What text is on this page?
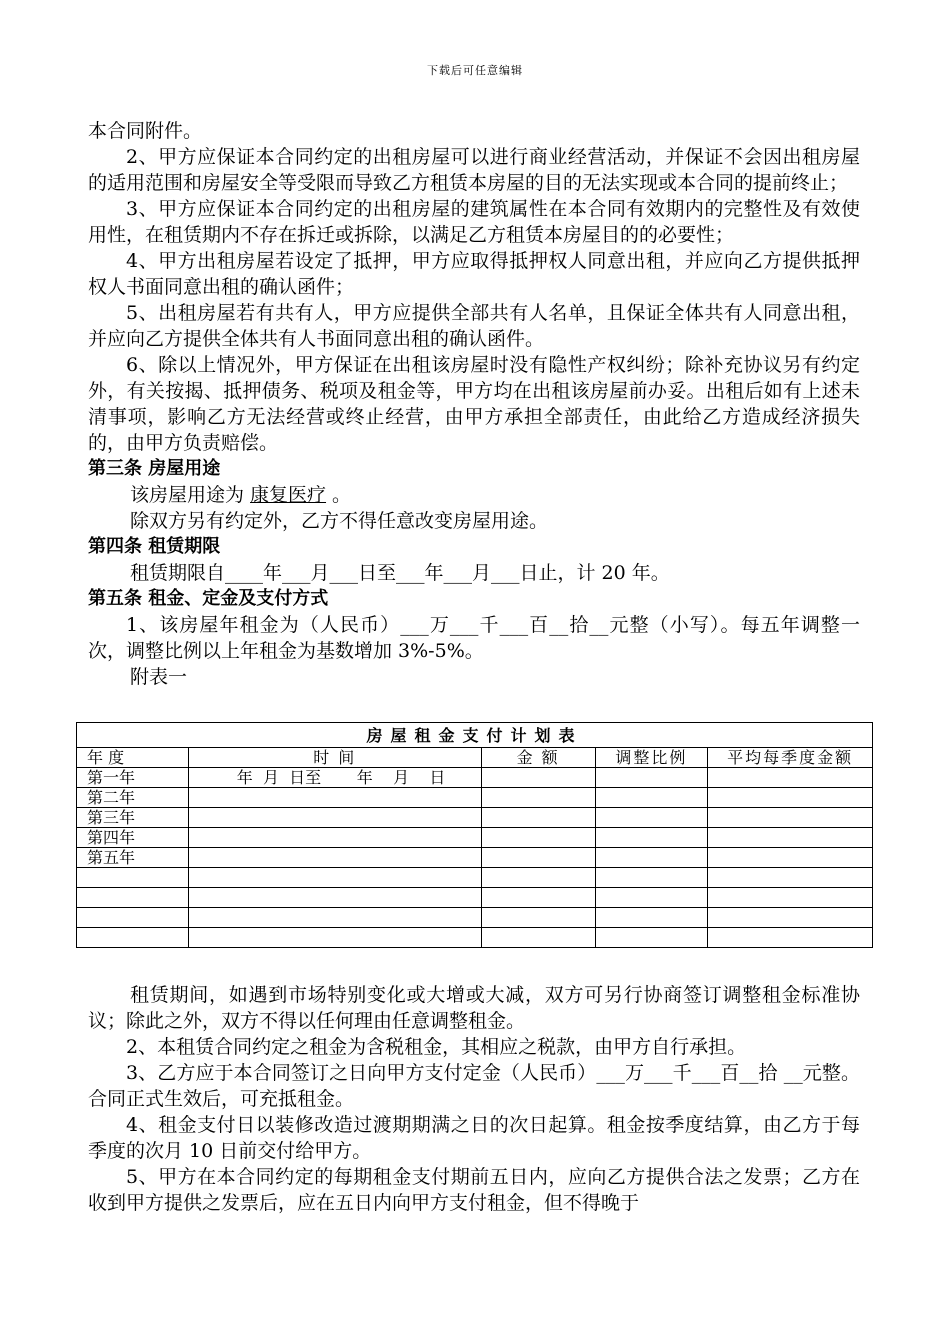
下载后可任意编辑

本合同附件。

2、甲方应保证本合同约定的出租房屋可以进行商业经营活动，并保证不会因出租房屋的适用范围和房屋安全等受限而导致乙方租赁本房屋的目的无法实现或本合同的提前终止；

3、甲方应保证本合同约定的出租房屋的建筑属性在本合同有效期内的完整性及有效使用性，在租赁期内不存在拆迁或拆除，以满足乙方租赁本房屋目的的必要性；

4、甲方出租房屋若设定了抵押，甲方应取得抵押权人同意出租，并应向乙方提供抵押权人书面同意出租的确认函件；

5、出租房屋若有共有人，甲方应提供全部共有人名单，且保证全体共有人同意出租，并应向乙方提供全体共有人书面同意出租的确认函件。

6、除以上情况外，甲方保证在出租该房屋时没有隐性产权纠纷；除补充协议另有约定外，有关按揭、抵押债务、税项及租金等，甲方均在出租该房屋前办妥。出租后如有上述未清事项，影响乙方无法经营或终止经营，由甲方承担全部责任，由此给乙方造成经济损失的，由甲方负责赔偿。

第三条 房屋用途

该房屋用途为 康复医疗 。

除双方另有约定外，乙方不得任意改变房屋用途。

第四条 租赁期限

租赁期限自____年___月___日至___年___月___日止，计 20 年。

第五条 租金、定金及支付方式

1、该房屋年租金为（人民币）___万___千___百__拾__元整（小写）。每五年调整一次，调整比例以上年租金为基数增加 3%-5%。

附表一

房屋租金支付计划表				
年 度	时 间	金 额	调整比例	平均每季度金额
第一年	年  月  日至       年    月    日			
第二年				
第三年				
第四年				
第五年				

租赁期间，如遇到市场特别变化或大增或大减，双方可另行协商签订调整租金标准协议；除此之外，双方不得以任何理由任意调整租金。

2、本租赁合同约定之租金为含税租金，其相应之税款，由甲方自行承担。

3、乙方应于本合同签订之日向甲方支付定金（人民币）___万___千___百__拾 __元整。合同正式生效后，可充抵租金。

4、租金支付日以装修改造过渡期期满之日的次日起算。租金按季度结算，由乙方于每季度的次月 10 日前交付给甲方。

5、甲方在本合同约定的每期租金支付期前五日内，应向乙方提供合法之发票；乙方在收到甲方提供之发票后，应在五日内向甲方支付租金，但不得晚于
